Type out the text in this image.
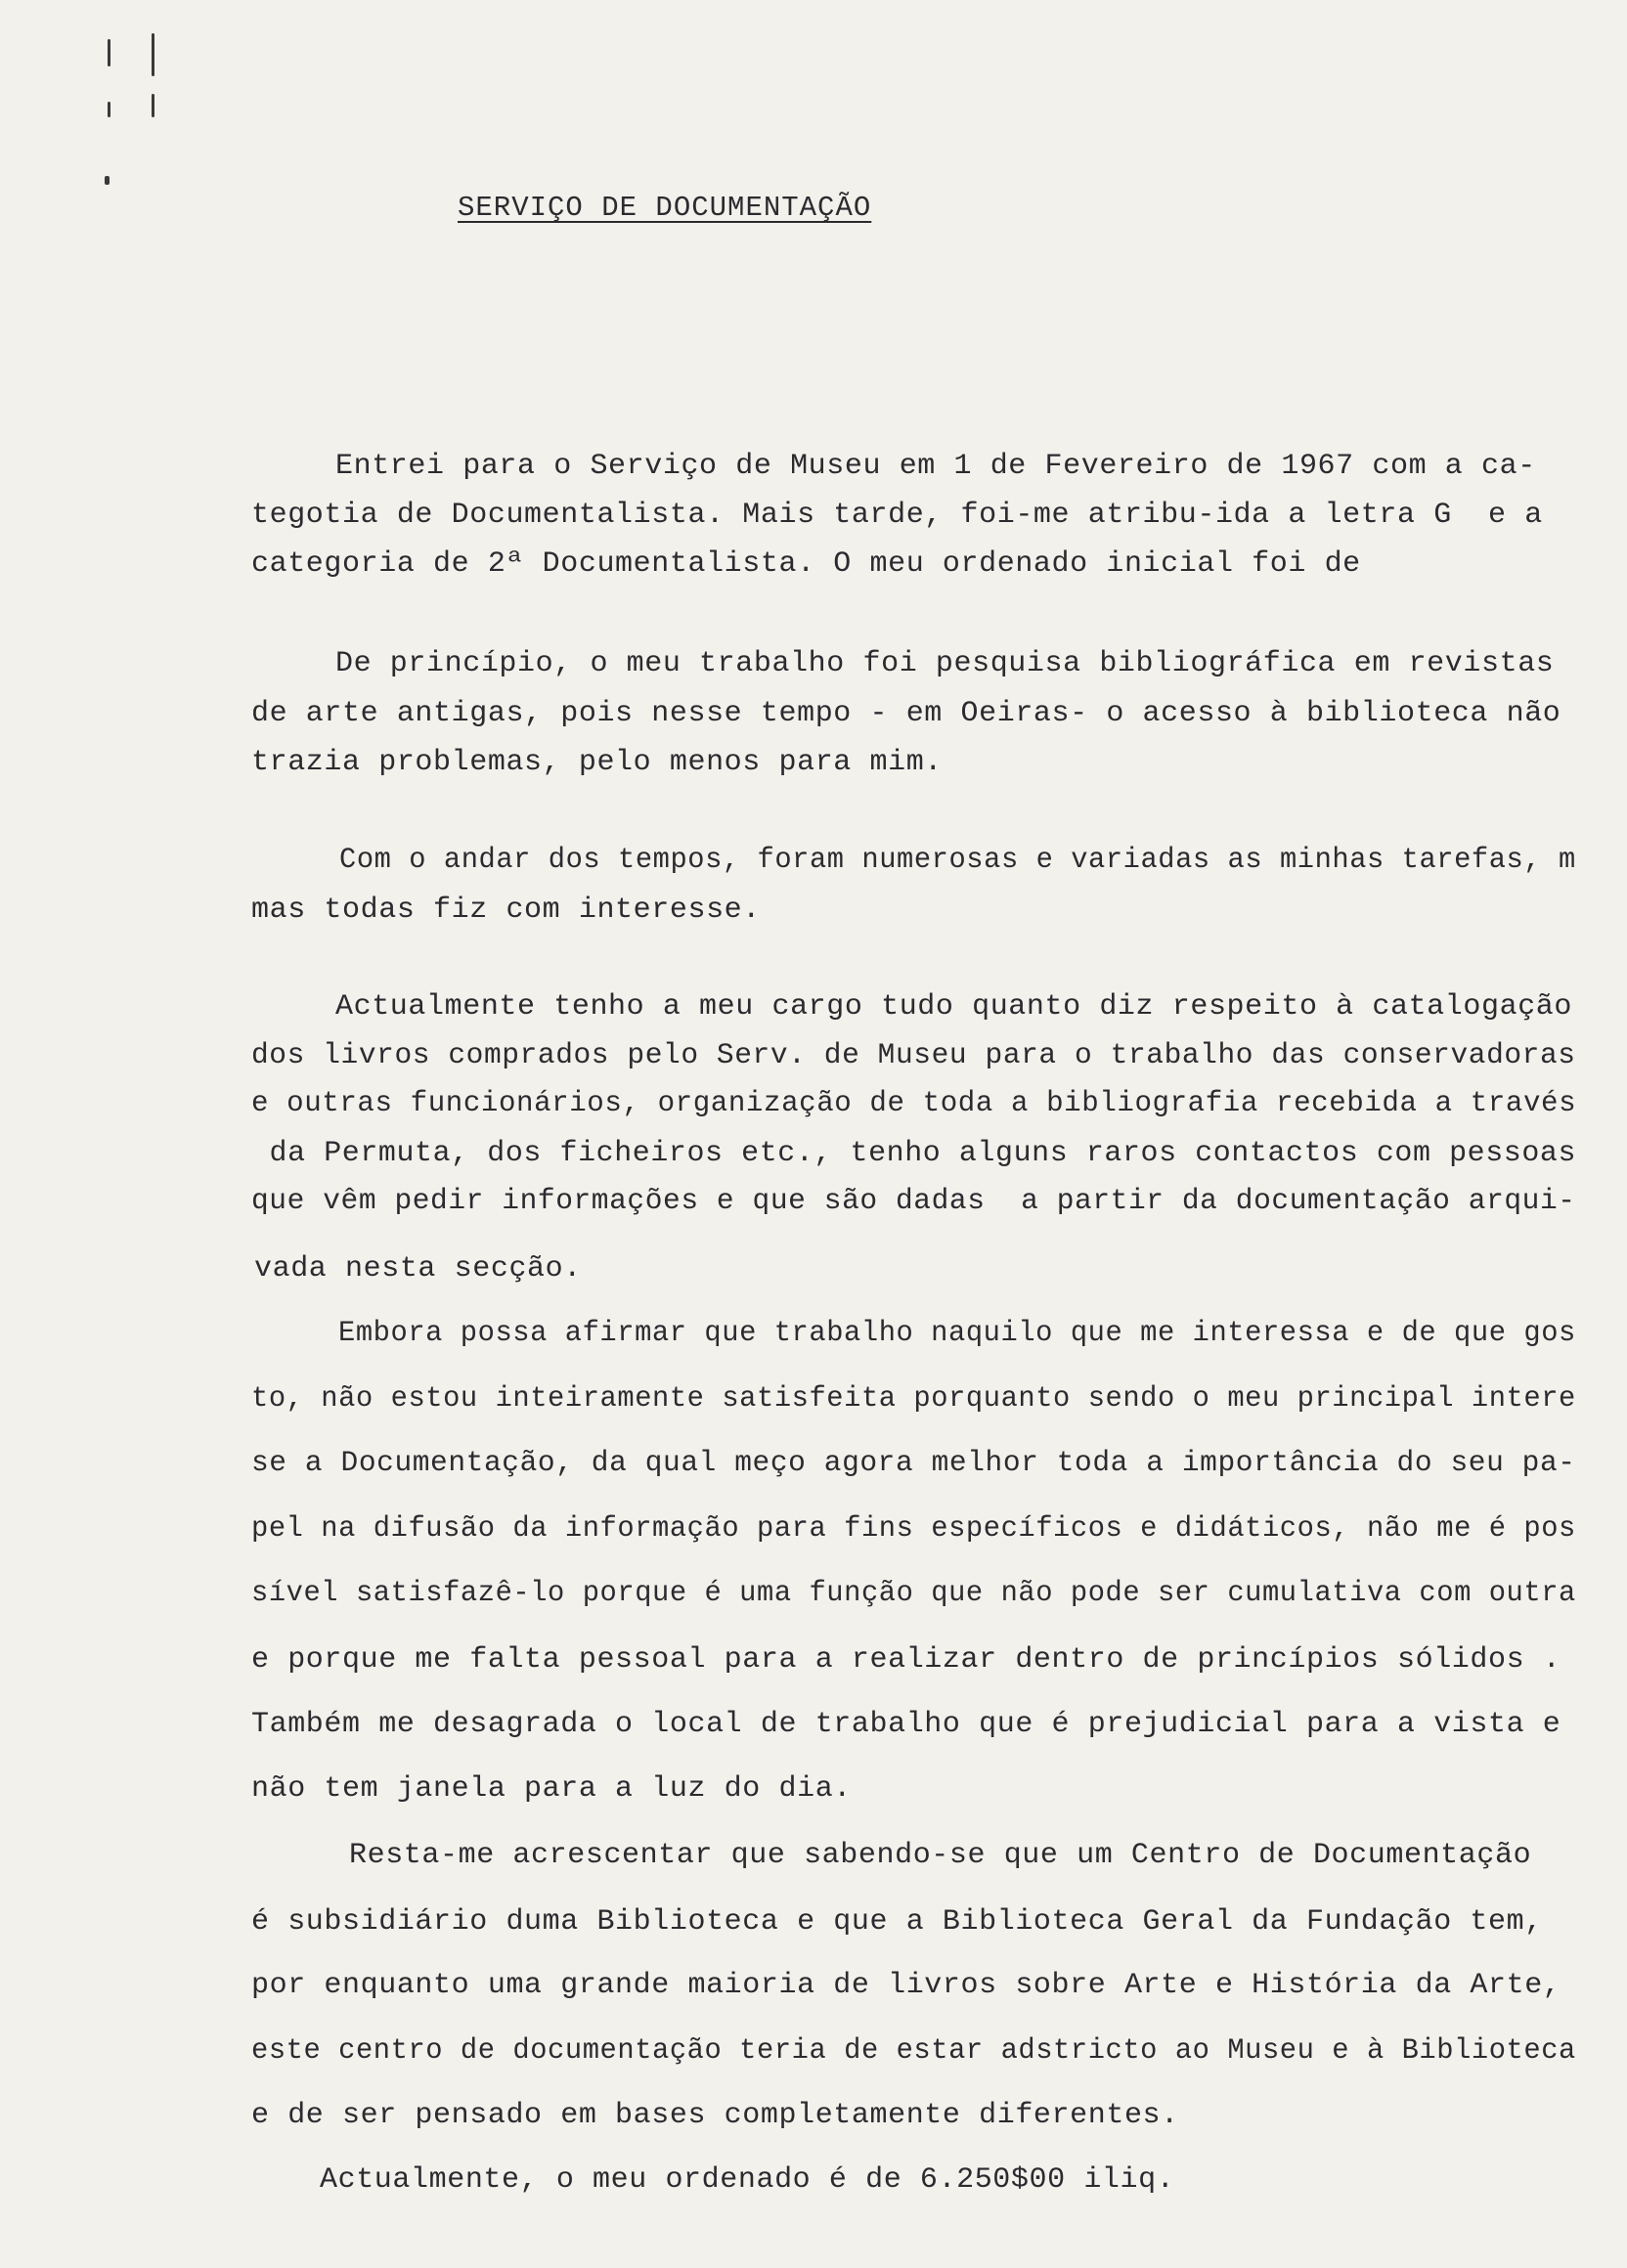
SERVIÇO DE DOCUMENTAÇÃO
Entrei para o Serviço de Museu em 1 de Fevereiro de 1967 com a ca-
tegotia de Documentalista. Mais tarde, foi-me atribu-ida a letra G  e a
categoria de 2ª Documentalista. O meu ordenado inicial foi de
De princípio, o meu trabalho foi pesquisa bibliográfica em revistas
de arte antigas, pois nesse tempo - em Oeiras- o acesso à biblioteca não
trazia problemas, pelo menos para mim.
Com o andar dos tempos, foram numerosas e variadas as minhas tarefas, m
mas todas fiz com interesse.
Actualmente tenho a meu cargo tudo quanto diz respeito à catalogação
dos livros comprados pelo Serv. de Museu para o trabalho das conservadoras
e outras funcionários, organização de toda a bibliografia recebida a través
da Permuta, dos ficheiros etc., tenho alguns raros contactos com pessoas
que vêm pedir informações e que são dadas  a partir da documentação arqui-
vada nesta secção.
Embora possa afirmar que trabalho naquilo que me interessa e de que gos
to, não estou inteiramente satisfeita porquanto sendo o meu principal intere
se a Documentação, da qual meço agora melhor toda a importância do seu pa-
pel na difusão da informação para fins específicos e didáticos, não me é pos
sível satisfazê-lo porque é uma função que não pode ser cumulativa com outra
e porque me falta pessoal para a realizar dentro de princípios sólidos .
Também me desagrada o local de trabalho que é prejudicial para a vista e
não tem janela para a luz do dia.
Resta-me acrescentar que sabendo-se que um Centro de Documentação
é subsidiário duma Biblioteca e que a Biblioteca Geral da Fundação tem,
por enquanto uma grande maioria de livros sobre Arte e História da Arte,
este centro de documentação teria de estar adstricto ao Museu e à Biblioteca
e de ser pensado em bases completamente diferentes.
Actualmente, o meu ordenado é de 6.250$00 iliq.
